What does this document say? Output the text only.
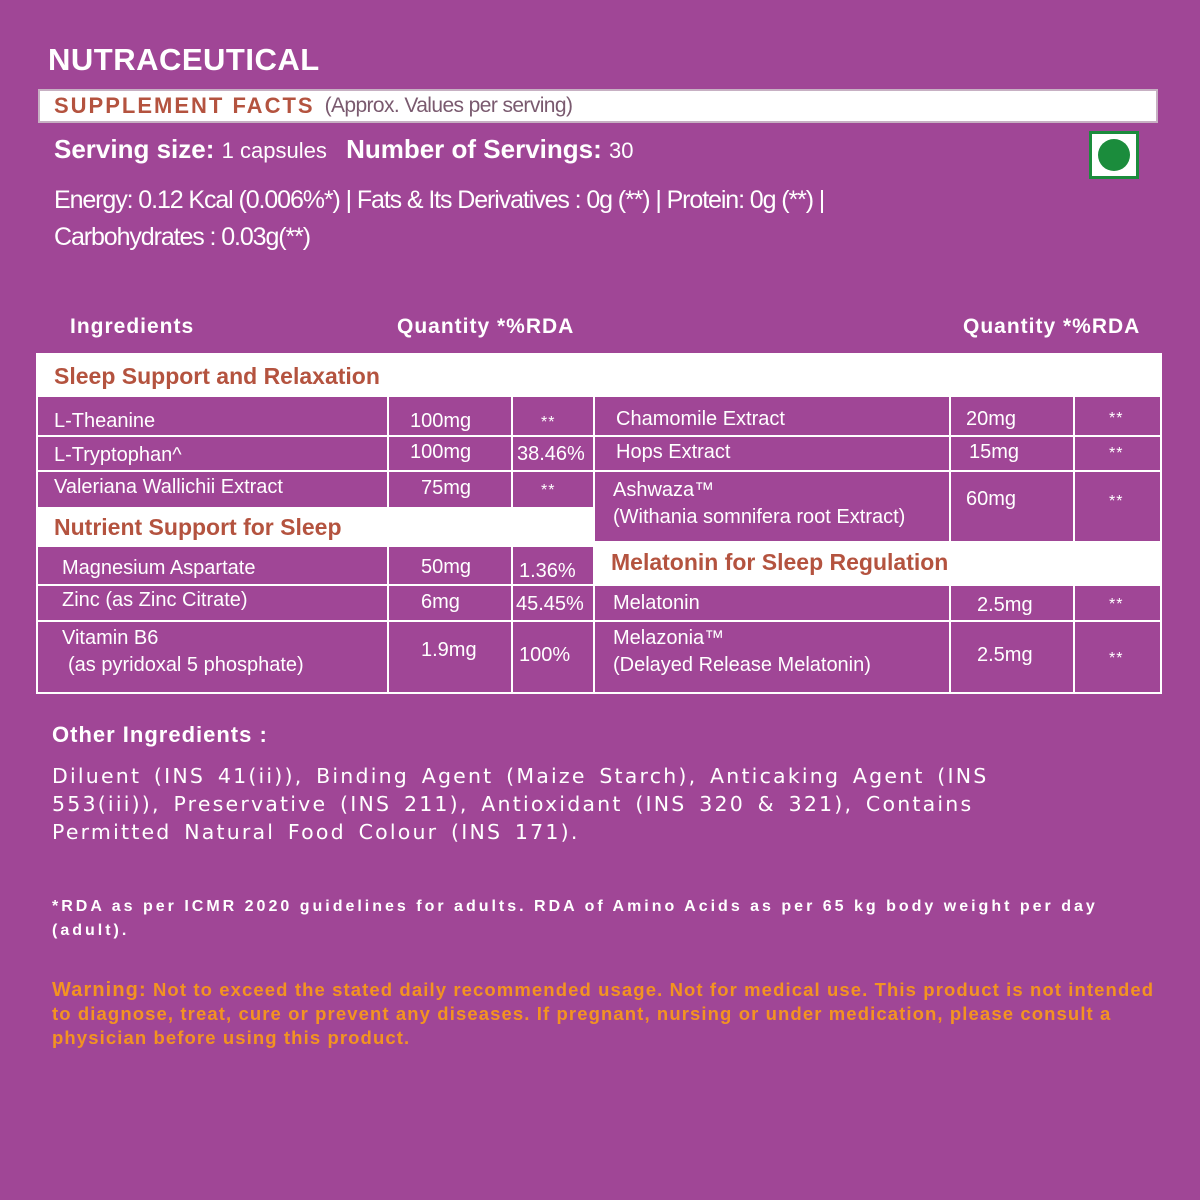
NUTRACEUTICAL
SUPPLEMENT FACTS (Approx. Values per serving)
Serving size: 1 capsules Number of Servings: 30
Energy: 0.12 Kcal (0.006%*) | Fats & Its Derivatives : 0g (**) | Protein: 0g (**) |
Carbohydrates : 0.03g(**)
Ingredients	Quantity *%RDA	Quantity *%RDA
Sleep Support and Relaxation
Nutrient Support for Sleep
Melatonin for Sleep Regulation
L-Theanine	100mg	**
L-Tryptophan^	100mg 38.46%
Valeriana Wallichii Extract	75mg	**
Magnesium Aspartate	50mg 1.36%
Zinc (as Zinc Citrate)	6mg	45.45%
Vitamin B6
(as pyridoxal 5 phosphate)
1.9mg 100%
Chamomile Extract	20mg	**
Hops Extract	15mg	**
Ashwaza™
(Withania somnifera root Extract)
60mg	**
Melatonin	2.5mg	**
Melazonia™
(Delayed Release Melatonin)	2.5mg	**
Other Ingredients :
Diluent (INS 41(ii)), Binding Agent (Maize Starch), Anticaking Agent (INS 553(iii)), Preservative (INS 211), Antioxidant (INS 320 & 321), Contains Permitted Natural Food Colour (INS 171).
*RDA as per ICMR 2020 guidelines for adults. RDA of Amino Acids as per 65 kg body weight per day (adult).
Warning: Not to exceed the stated daily recommended usage. Not for medical use. This product is not intended to diagnose, treat, cure or prevent any diseases. If pregnant, nursing or under medication, please consult a physician before using this product.
